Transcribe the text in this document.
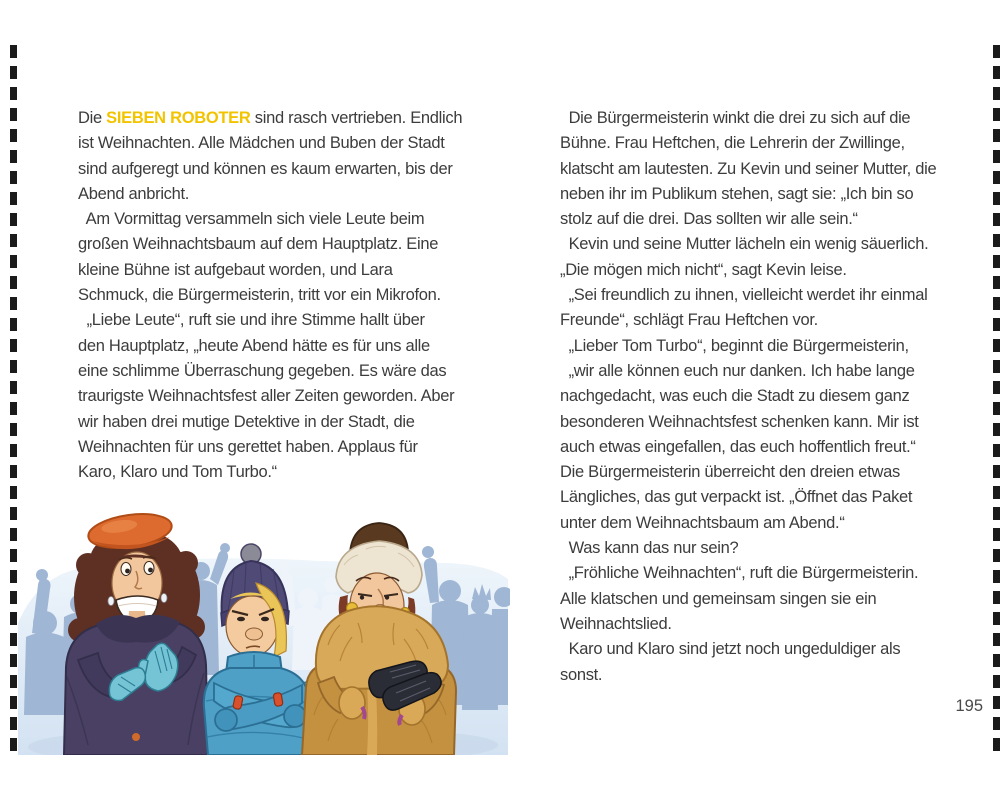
Die SIEBEN ROBOTER sind rasch vertrieben. Endlich
ist Weihnachten. Alle Mädchen und Buben der Stadt
sind aufgeregt und können es kaum erwarten, bis der
Abend anbricht.
Am Vormittag versammeln sich viele Leute beim
großen Weihnachtsbaum auf dem Hauptplatz. Eine
kleine Bühne ist aufgebaut worden, und Lara
Schmuck, die Bürgermeisterin, tritt vor ein Mikrofon.
„Liebe Leute“, ruft sie und ihre Stimme hallt über
den Hauptplatz, „heute Abend hätte es für uns alle
eine schlimme Überraschung gegeben. Es wäre das
traurigste Weihnachtsfest aller Zeiten geworden. Aber
wir haben drei mutige Detektive in der Stadt, die
Weihnachten für uns gerettet haben. Applaus für
Karo, Klaro und Tom Turbo.“
Die Bürgermeisterin winkt die drei zu sich auf die
Bühne. Frau Heftchen, die Lehrerin der Zwillinge,
klatscht am lautesten. Zu Kevin und seiner Mutter, die
neben ihr im Publikum stehen, sagt sie: „Ich bin so
stolz auf die drei. Das sollten wir alle sein.“
Kevin und seine Mutter lächeln ein wenig säuerlich.
„Die mögen mich nicht“, sagt Kevin leise.
„Sei freundlich zu ihnen, vielleicht werdet ihr einmal
Freunde“, schlägt Frau Heftchen vor.
„Lieber Tom Turbo“, beginnt die Bürgermeisterin,
„wir alle können euch nur danken. Ich habe lange
nachgedacht, was euch die Stadt zu diesem ganz
besonderen Weihnachtsfest schenken kann. Mir ist
auch etwas eingefallen, das euch hoffentlich freut.“
Die Bürgermeisterin überreicht den dreien etwas
Längliches, das gut verpackt ist. „Öffnet das Paket
unter dem Weihnachtsbaum am Abend.“
Was kann das nur sein?
„Fröhliche Weihnachten“, ruft die Bürgermeisterin.
Alle klatschen und gemeinsam singen sie ein
Weihnachtslied.
Karo und Klaro sind jetzt noch ungeduldiger als
sonst.
195
